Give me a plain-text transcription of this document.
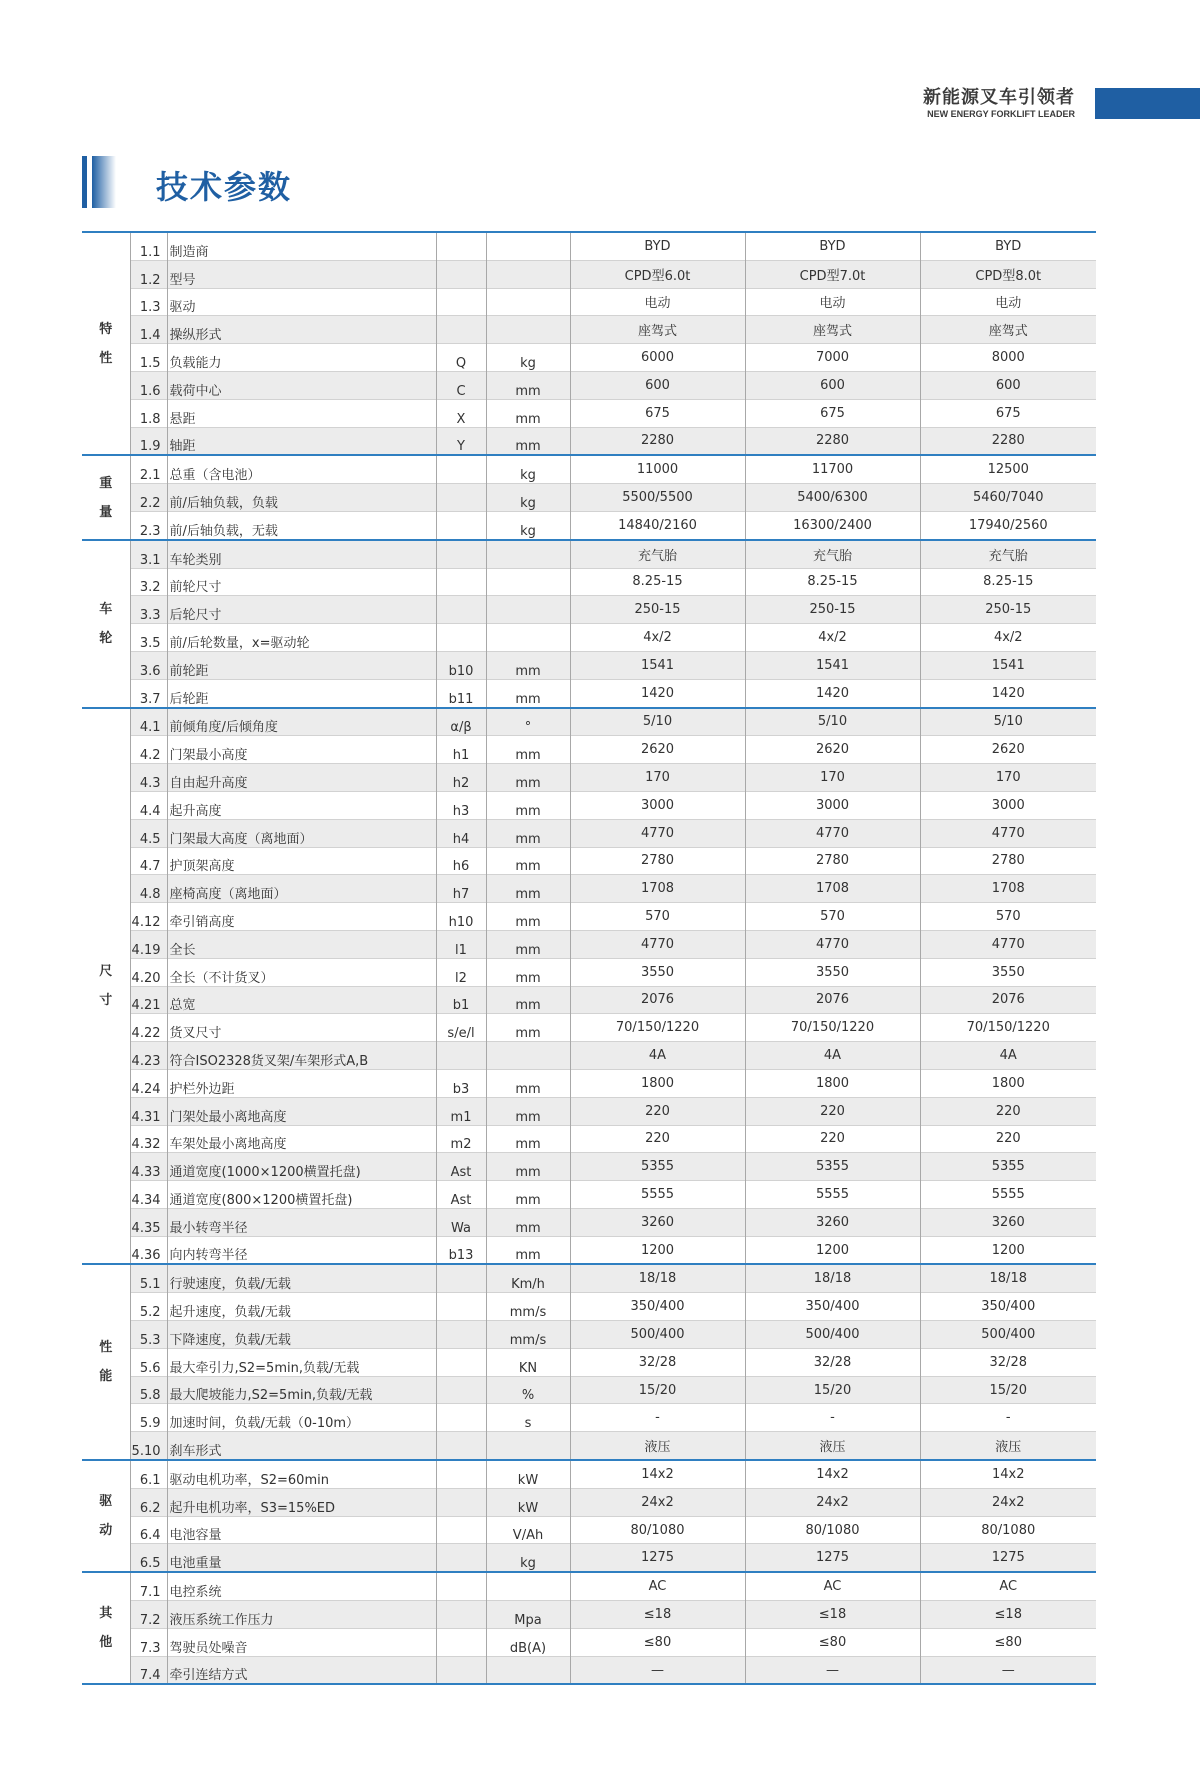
新能源叉车引领者
NEW ENERGY FORKLIFT LEADER
技术参数
特性	1.1	制造商			BYD	BYD	BYD
	1.2	型号			CPD型6.0t	CPD型7.0t	CPD型8.0t
	1.3	驱动			电动	电动	电动
	1.4	操纵形式			座驾式	座驾式	座驾式
	1.5	负载能力	Q	kg	6000	7000	8000
	1.6	载荷中心	C	mm	600	600	600
	1.8	悬距	X	mm	675	675	675
	1.9	轴距	Y	mm	2280	2280	2280
重量	2.1	总重（含电池）		kg	11000	11700	12500
	2.2	前/后轴负载，负载		kg	5500/5500	5400/6300	5460/7040
	2.3	前/后轴负载，无载		kg	14840/2160	16300/2400	17940/2560
车轮	3.1	车轮类别			充气胎	充气胎	充气胎
	3.2	前轮尺寸			8.25-15	8.25-15	8.25-15
	3.3	后轮尺寸			250-15	250-15	250-15
	3.5	前/后轮数量，x=驱动轮			4x/2	4x/2	4x/2
	3.6	前轮距	b10	mm	1541	1541	1541
	3.7	后轮距	b11	mm	1420	1420	1420
尺寸	4.1	前倾角度/后倾角度	α/β	°	5/10	5/10	5/10
	4.2	门架最小高度	h1	mm	2620	2620	2620
	4.3	自由起升高度	h2	mm	170	170	170
	4.4	起升高度	h3	mm	3000	3000	3000
	4.5	门架最大高度（离地面）	h4	mm	4770	4770	4770
	4.7	护顶架高度	h6	mm	2780	2780	2780
	4.8	座椅高度（离地面）	h7	mm	1708	1708	1708
	4.12	牵引销高度	h10	mm	570	570	570
	4.19	全长	l1	mm	4770	4770	4770
	4.20	全长（不计货叉）	l2	mm	3550	3550	3550
	4.21	总宽	b1	mm	2076	2076	2076
	4.22	货叉尺寸	s/e/l	mm	70/150/1220	70/150/1220	70/150/1220
	4.23	符合ISO2328货叉架/车架形式A,B			4A	4A	4A
	4.24	护栏外边距	b3	mm	1800	1800	1800
	4.31	门架处最小离地高度	m1	mm	220	220	220
	4.32	车架处最小离地高度	m2	mm	220	220	220
	4.33	通道宽度(1000×1200横置托盘)	Ast	mm	5355	5355	5355
	4.34	通道宽度(800×1200横置托盘)	Ast	mm	5555	5555	5555
	4.35	最小转弯半径	Wa	mm	3260	3260	3260
	4.36	向内转弯半径	b13	mm	1200	1200	1200
性能	5.1	行驶速度，负载/无载		Km/h	18/18	18/18	18/18
	5.2	起升速度，负载/无载		mm/s	350/400	350/400	350/400
	5.3	下降速度，负载/无载		mm/s	500/400	500/400	500/400
	5.6	最大牵引力,S2=5min,负载/无载		KN	32/28	32/28	32/28
	5.8	最大爬坡能力,S2=5min,负载/无载		%	15/20	15/20	15/20
	5.9	加速时间，负载/无载（0-10m）		s	-	-	-
	5.10	刹车形式			液压	液压	液压
驱动	6.1	驱动电机功率，S2=60min		kW	14x2	14x2	14x2
	6.2	起升电机功率，S3=15%ED		kW	24x2	24x2	24x2
	6.4	电池容量		V/Ah	80/1080	80/1080	80/1080
	6.5	电池重量		kg	1275	1275	1275
其他	7.1	电控系统			AC	AC	AC
	7.2	液压系统工作压力		Mpa	≤18	≤18	≤18
	7.3	驾驶员处噪音		dB(A)	≤80	≤80	≤80
	7.4	牵引连结方式			—	—	—
